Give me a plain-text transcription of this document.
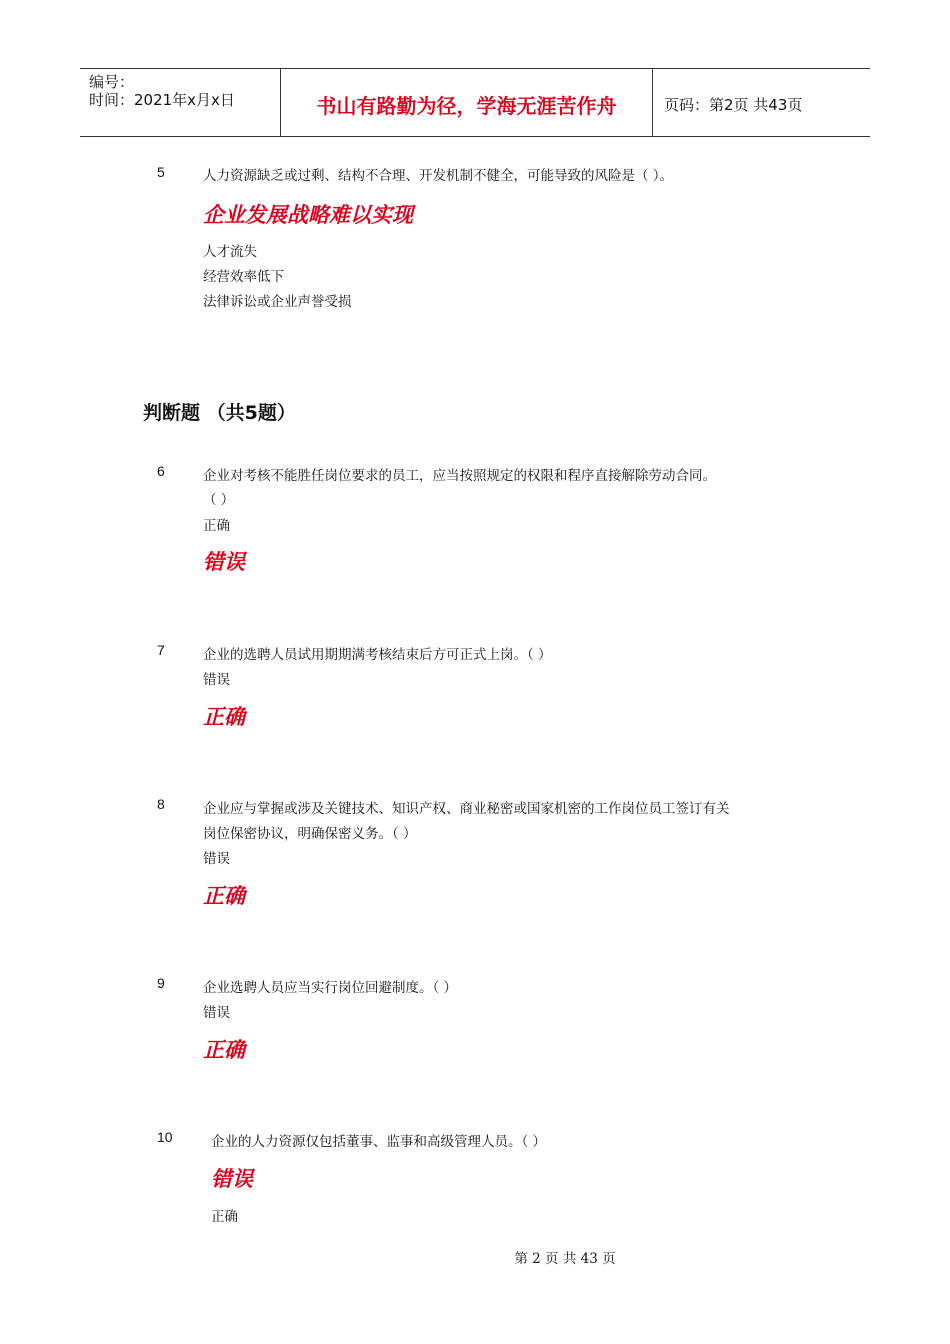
编号：
时间：2021年x月x日	书山有路勤为径，学海无涯苦作舟	页码：第2页 共43页
5	人力资源缺乏或过剩、结构不合理、开发机制不健全，可能导致的风险是（ ）。
企业发展战略难以实现
人才流失
经营效率低下
法律诉讼或企业声誉受损
判断题 （共5题）
6	企业对考核不能胜任岗位要求的员工，应当按照规定的权限和程序直接解除劳动合同。
（ ）
正确
错误
7	企业的选聘人员试用期期满考核结束后方可正式上岗。（ ）
错误
正确
8	企业应与掌握或涉及关键技术、知识产权、商业秘密或国家机密的工作岗位员工签订有关
岗位保密协议，明确保密义务。（ ）
错误
正确
9	企业选聘人员应当实行岗位回避制度。（ ）
错误
正确
10	企业的人力资源仅包括董事、监事和高级管理人员。（ ）
错误
正确
第 2 页 共 43 页
